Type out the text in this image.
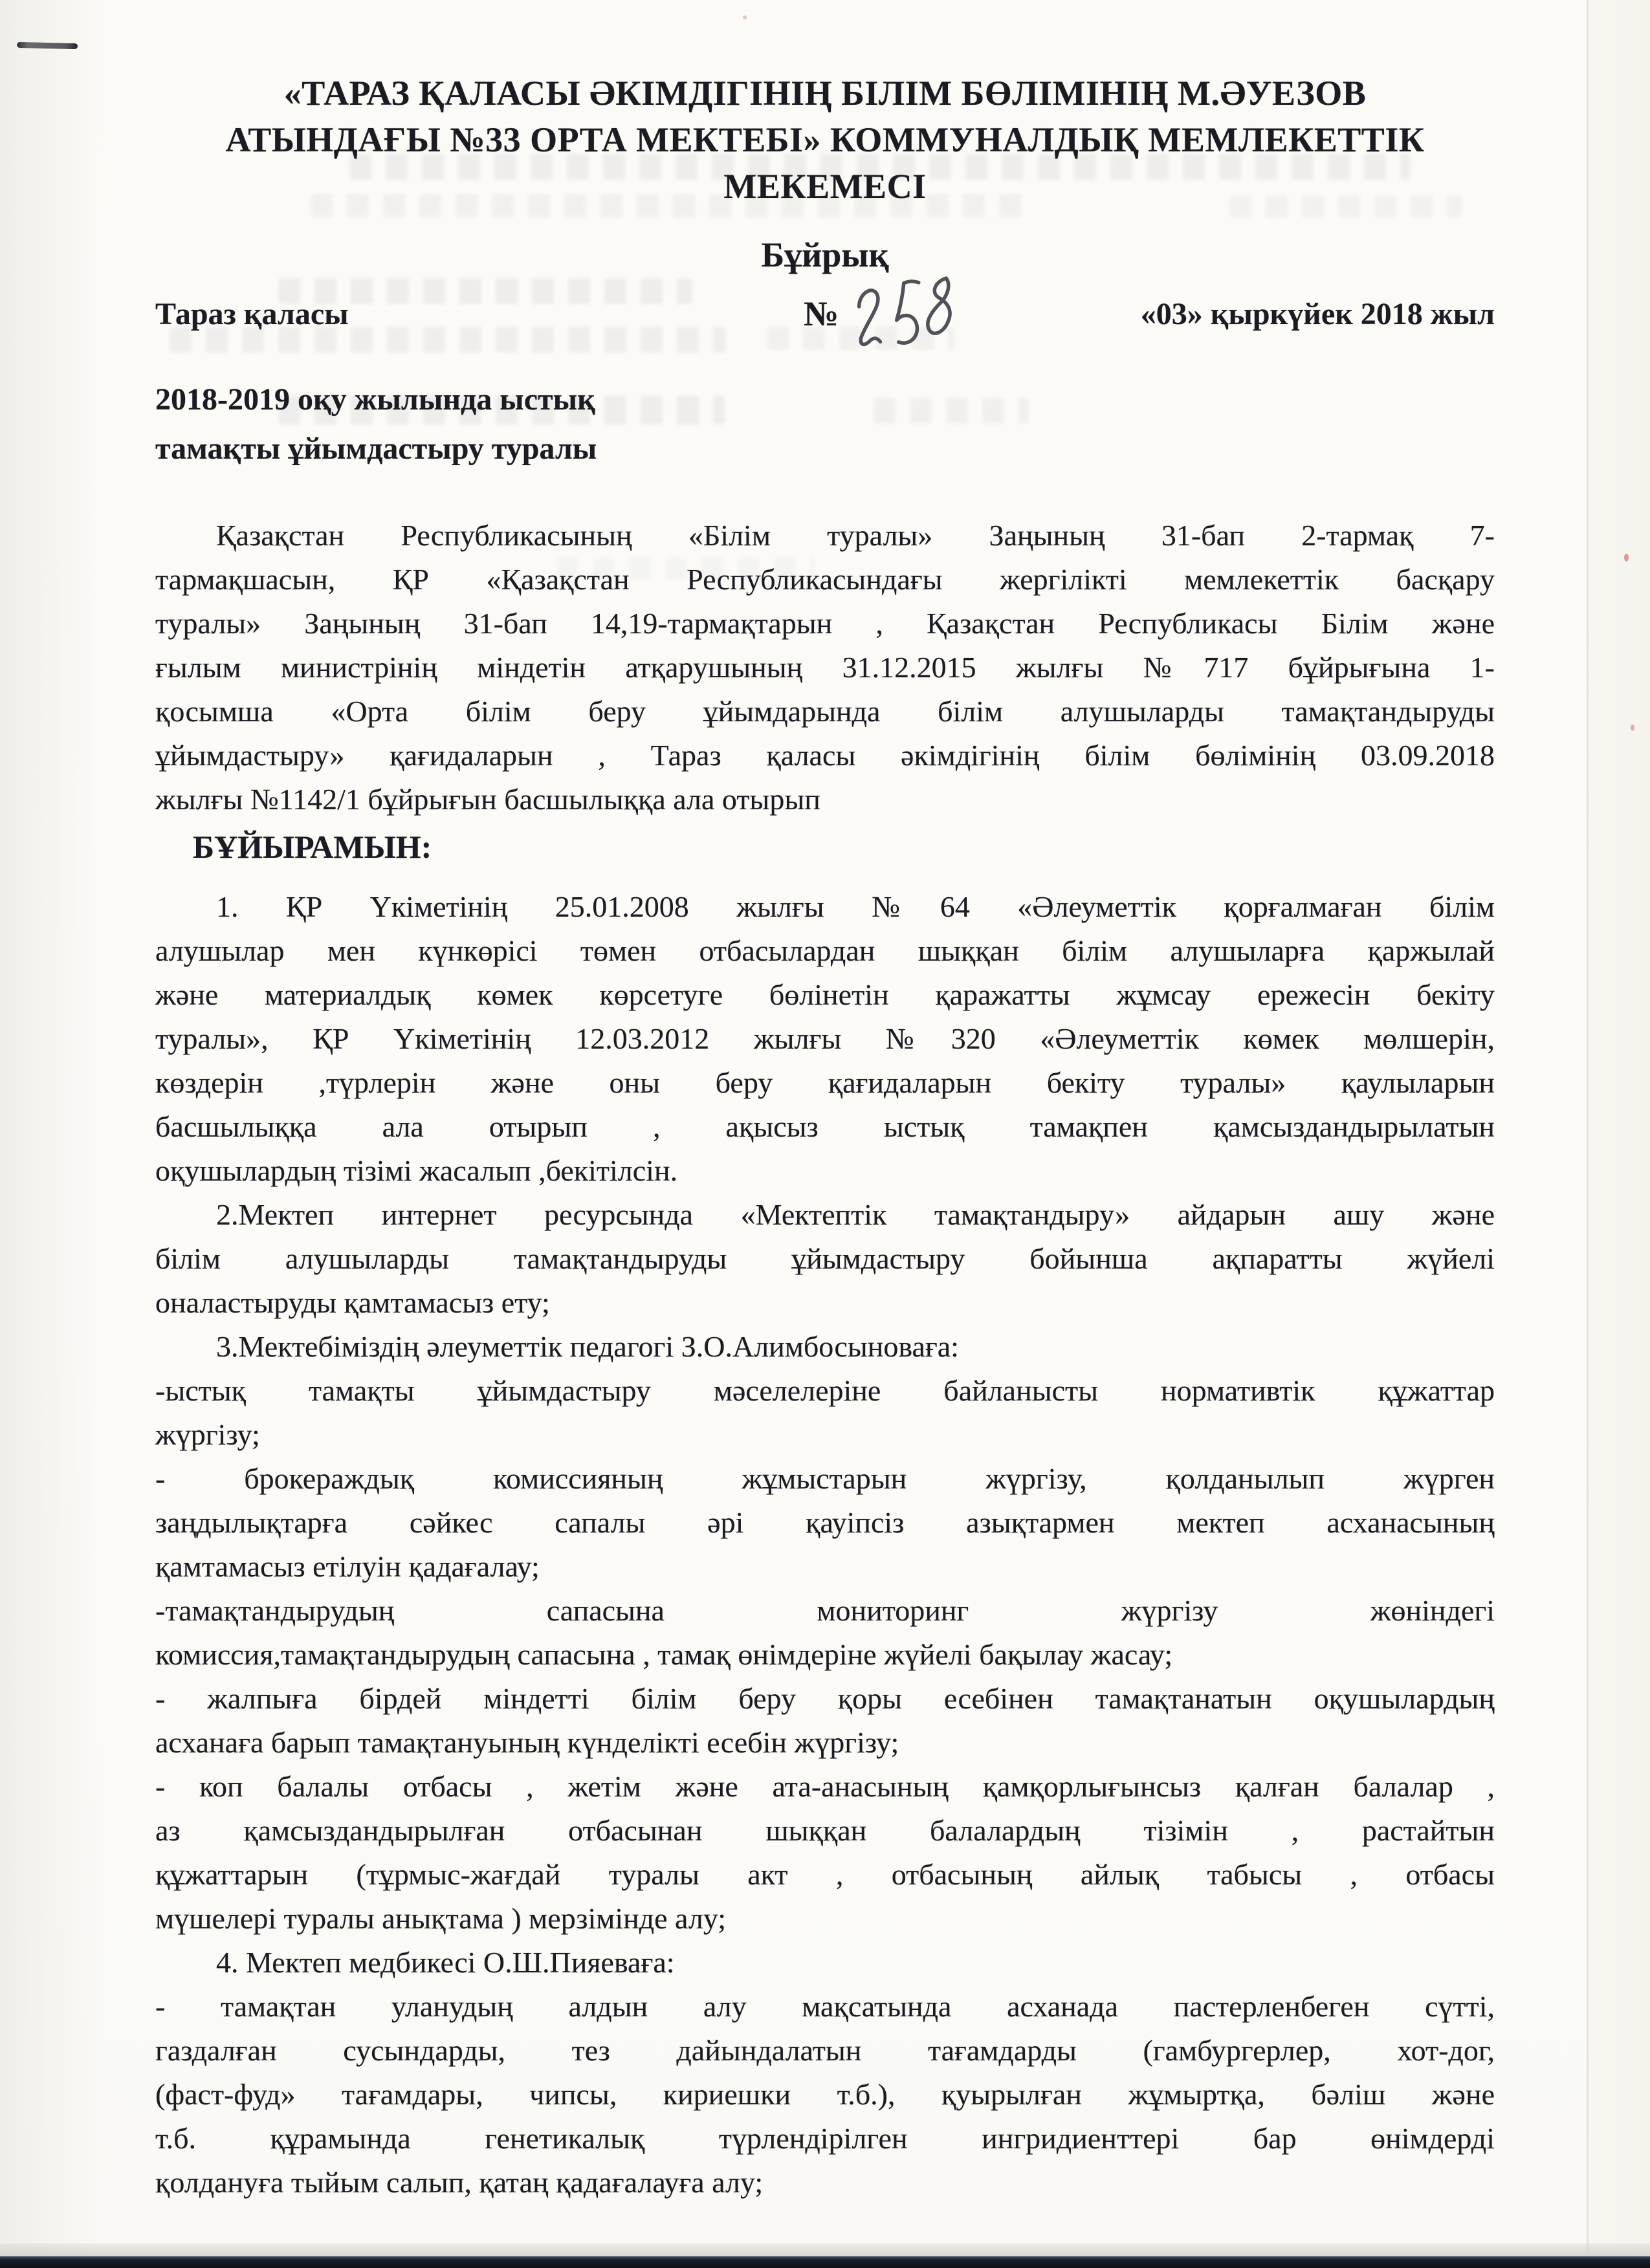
«ТАРАЗ ҚАЛАСЫ ӘКІМДІГІНІҢ БІЛІМ БӨЛІМІНІҢ М.ӘУЕЗОВ
АТЫНДАҒЫ №33 ОРТА МЕКТЕБІ» КОММУНАЛДЫҚ МЕМЛЕКЕТТІК
МЕКЕМЕСІ
Бұйрық
Тараз қаласы	№	«03» қыркүйек 2018 жыл
2018-2019 оқу жылында ыстық
тамақты ұйымдастыру туралы
Қазақстан Республикасының «Білім туралы» Заңының 31-бап 2-тармақ 7-
тармақшасын, ҚР «Қазақстан Республикасындағы жергілікті мемлекеттік басқару
туралы» Заңының 31-бап 14,19-тармақтарын , Қазақстан Республикасы Білім және
ғылым министрінің міндетін атқарушының 31.12.2015 жылғы №717 бұйрығына 1-
қосымша «Орта білім беру ұйымдарында білім алушыларды тамақтандыруды
ұйымдастыру» қағидаларын , Тараз қаласы әкімдігінің білім бөлімінің 03.09.2018
жылғы №1142/1 бұйрығын басшылыққа ала отырып
БҰЙЫРАМЫН:
1. ҚР Үкіметінің 25.01.2008 жылғы №64 «Әлеуметтік қорғалмаған білім
алушылар мен күнкөрісі төмен отбасылардан шыққан білім алушыларға қаржылай
және материалдық көмек көрсетуге бөлінетін қаражатты жұмсау ережесін бекіту
туралы», ҚР Үкіметінің 12.03.2012 жылғы №320 «Әлеуметтік көмек мөлшерін,
көздерін ,түрлерін және оны беру қағидаларын бекіту туралы» қаулыларын
басшылыққа ала отырып , ақысыз ыстық тамақпен қамсыздандырылатын
оқушылардың тізімі жасалып ,бекітілсін.
2.Мектеп интернет ресурсында «Мектептік тамақтандыру» айдарын ашу және
білім алушыларды тамақтандыруды ұйымдастыру бойынша ақпаратты жүйелі
оналастыруды қамтамасыз ету;
3.Мектебіміздің әлеуметтік педагогі З.О.Алимбосыноваға:
-ыстық тамақты ұйымдастыру мәселелеріне байланысты нормативтік құжаттар
жүргізу;
- брокераждық комиссияның жұмыстарын жүргізу, қолданылып жүрген
заңдылықтарға сәйкес сапалы әрі қауіпсіз азықтармен мектеп асханасының
қамтамасыз етілуін қадағалау;
-тамақтандырудың сапасына мониторинг жүргізу жөніндегі
комиссия,тамақтандырудың сапасына , тамақ өнімдеріне жүйелі бақылау жасау;
- жалпыға бірдей міндетті білім беру қоры есебінен тамақтанатын оқушылардың
асханаға барып тамақтануының күнделікті есебін жүргізу;
- коп балалы отбасы , жетім және ата-анасының қамқорлығынсыз қалған балалар ,
аз қамсыздандырылған отбасынан шыққан балалардың тізімін , растайтын
құжаттарын (тұрмыс-жағдай туралы акт , отбасының айлық табысы , отбасы
мүшелері туралы анықтама ) мерзімінде алу;
4. Мектеп медбикесі О.Ш.Пияеваға:
- тамақтан уланудың алдын алу мақсатында асханада пастерленбеген сүтті,
газдалған сусындарды, тез дайындалатын тағамдарды (гамбургерлер, хот-дог,
(фаст-фуд» тағамдары, чипсы, кириешки т.б.), қуырылған жұмыртқа, бәліш және
т.б. құрамында генетикалық түрлендірілген ингридиенттері бар өнімдерді
қолдануға тыйым салып, қатаң қадағалауға алу;
